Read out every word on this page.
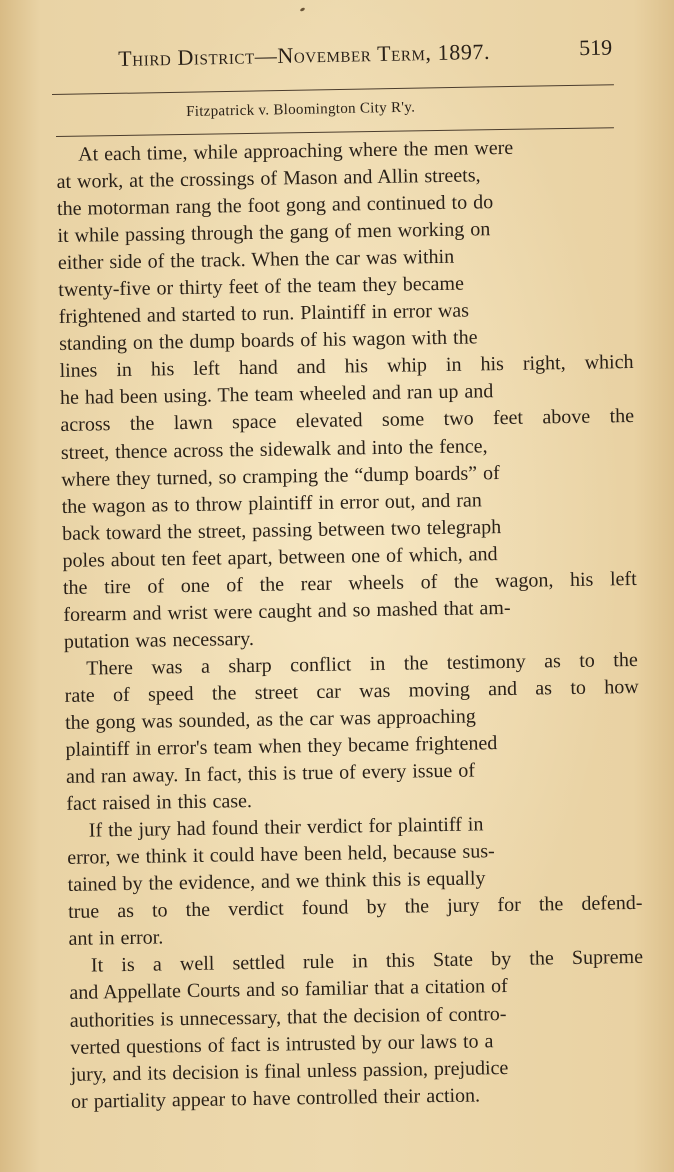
Third District—November Term, 1897.	519
Fitzpatrick v. Bloomington City R'y.
At each time, while approaching where the men were
at work, at the crossings of Mason and Allin streets,
the motorman rang the foot gong and continued to do
it while passing through the gang of men working on
either side of the track. When the car was within
twenty-five or thirty feet of the team they became
frightened and started to run. Plaintiff in error was
standing on the dump boards of his wagon with the
lines in his left hand and his whip in his right, which
he had been using. The team wheeled and ran up and
across the lawn space elevated some two feet above the
street, thence across the sidewalk and into the fence,
where they turned, so cramping the “dump boards” of
the wagon as to throw plaintiff in error out, and ran
back toward the street, passing between two telegraph
poles about ten feet apart, between one of which, and
the tire of one of the rear wheels of the wagon, his left
forearm and wrist were caught and so mashed that am-
putation was necessary.
There was a sharp conflict in the testimony as to the
rate of speed the street car was moving and as to how
the gong was sounded, as the car was approaching
plaintiff in error's team when they became frightened
and ran away. In fact, this is true of every issue of
fact raised in this case.
If the jury had found their verdict for plaintiff in
error, we think it could have been held, because sus-
tained by the evidence, and we think this is equally
true as to the verdict found by the jury for the defend-
ant in error.
It is a well settled rule in this State by the Supreme
and Appellate Courts and so familiar that a citation of
authorities is unnecessary, that the decision of contro-
verted questions of fact is intrusted by our laws to a
jury, and its decision is final unless passion, prejudice
or partiality appear to have controlled their action.
